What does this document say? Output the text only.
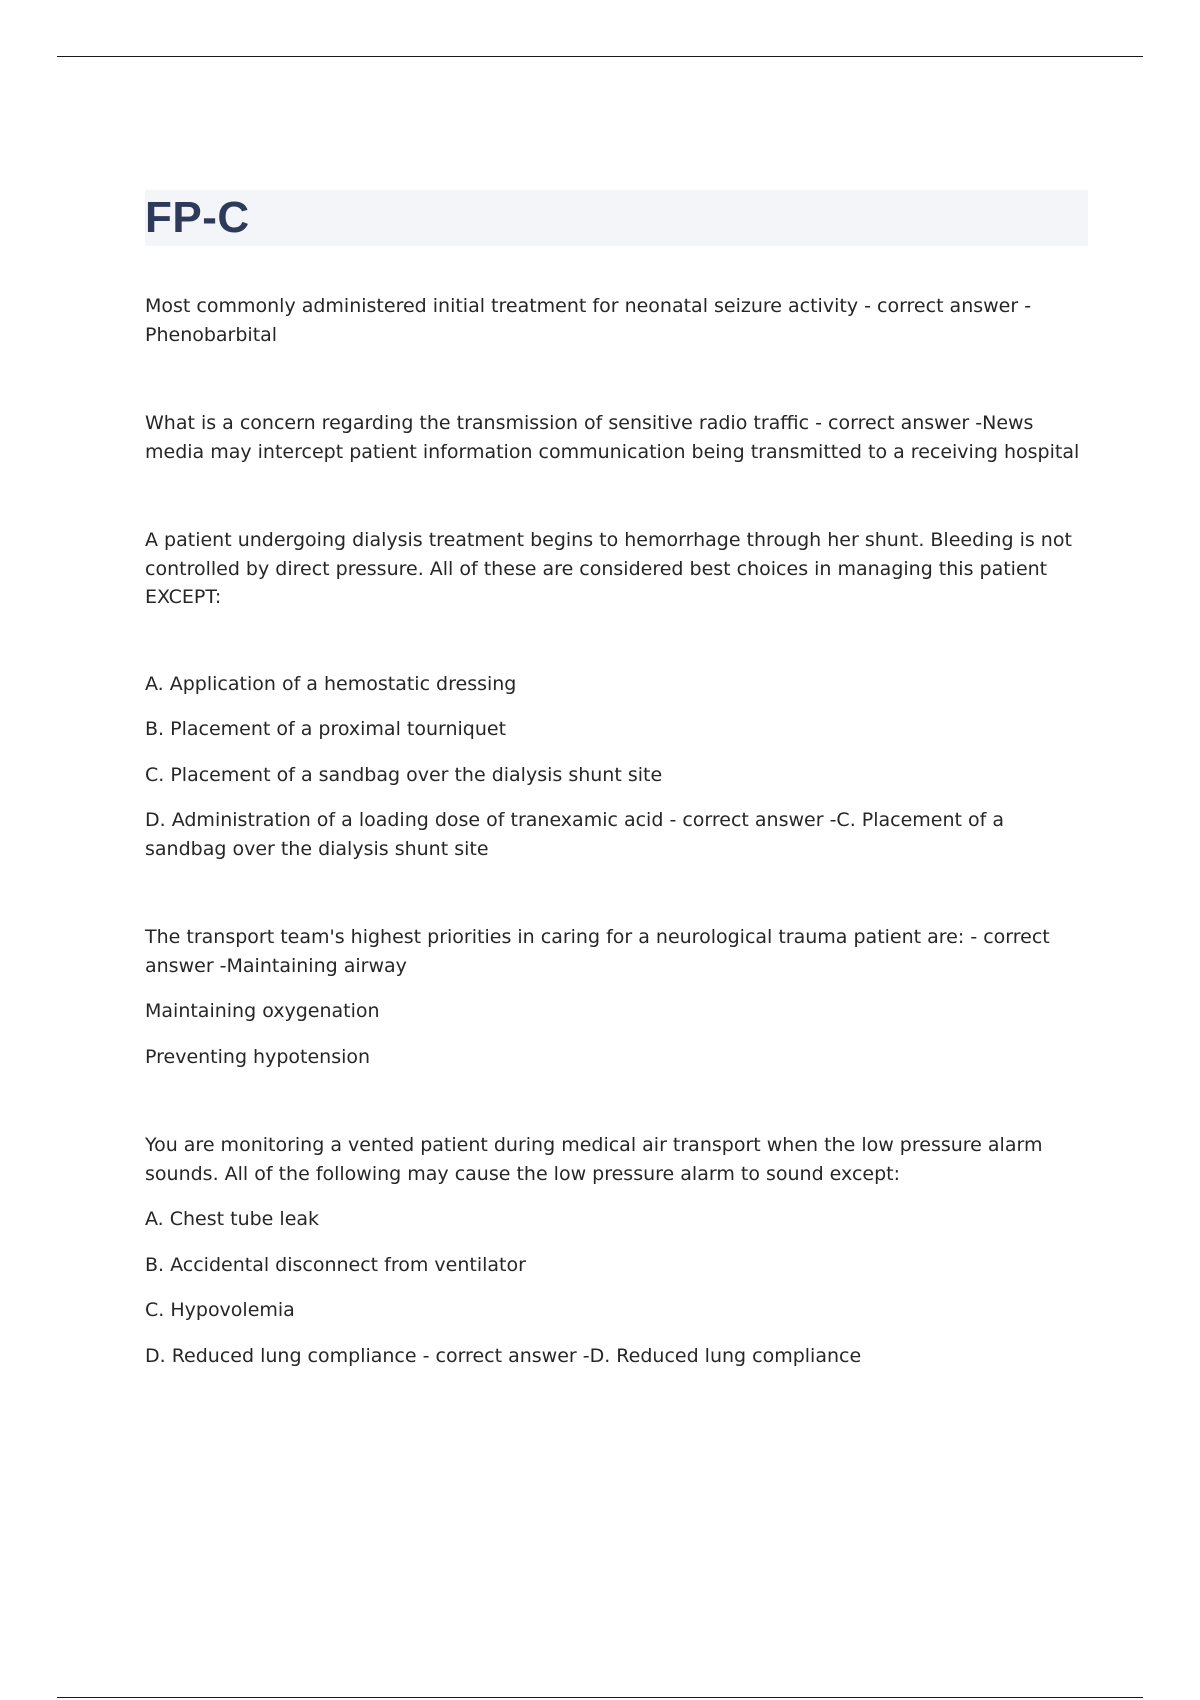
FP-C

Most commonly administered initial treatment for neonatal seizure activity - correct answer -Phenobarbital

What is a concern regarding the transmission of sensitive radio traffic - correct answer -News media may intercept patient information communication being transmitted to a receiving hospital

A patient undergoing dialysis treatment begins to hemorrhage through her shunt. Bleeding is not controlled by direct pressure. All of these are considered best choices in managing this patient EXCEPT:

A. Application of a hemostatic dressing

B. Placement of a proximal tourniquet

C. Placement of a sandbag over the dialysis shunt site

D. Administration of a loading dose of tranexamic acid - correct answer -C. Placement of a sandbag over the dialysis shunt site

The transport team's highest priorities in caring for a neurological trauma patient are: - correct answer -Maintaining airway

Maintaining oxygenation

Preventing hypotension

You are monitoring a vented patient during medical air transport when the low pressure alarm sounds. All of the following may cause the low pressure alarm to sound except:

A. Chest tube leak

B. Accidental disconnect from ventilator

C. Hypovolemia

D. Reduced lung compliance - correct answer -D. Reduced lung compliance
